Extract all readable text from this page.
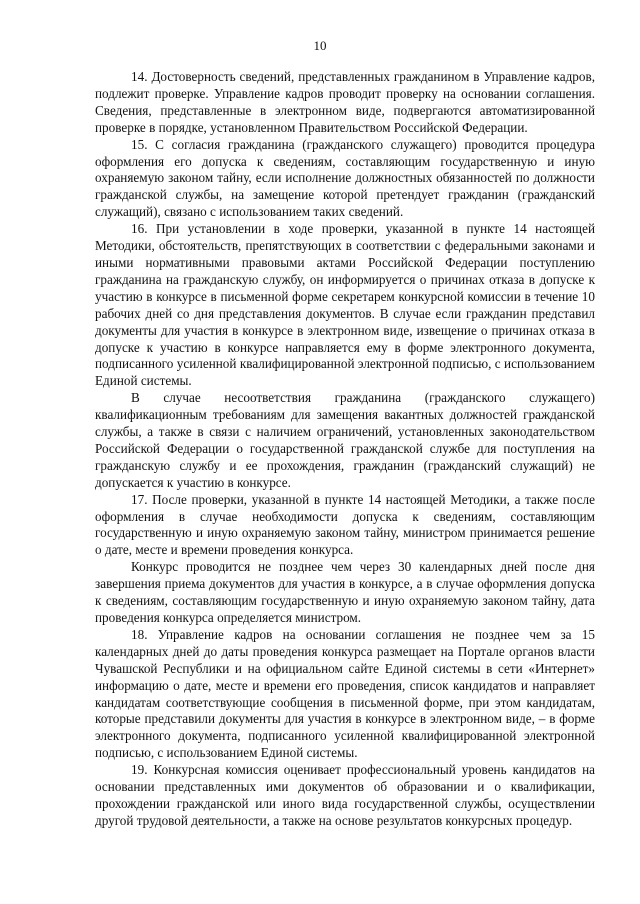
10

14. Достоверность сведений, представленных гражданином в Управление кадров, подлежит проверке. Управление кадров проводит проверку на основании соглашения. Сведения, представленные в электронном виде, подвергаются автоматизированной проверке в порядке, установленном Правительством Российской Федерации.

15. С согласия гражданина (гражданского служащего) проводится процедура оформления его допуска к сведениям, составляющим государственную и иную охраняемую законом тайну, если исполнение должностных обязанностей по должности гражданской службы, на замещение которой претендует гражданин (гражданский служащий), связано с использованием таких сведений.

16. При установлении в ходе проверки, указанной в пункте 14 настоящей Методики, обстоятельств, препятствующих в соответствии с федеральными законами и иными нормативными правовыми актами Российской Федерации поступлению гражданина на гражданскую службу, он информируется о причинах отказа в допуске к участию в конкурсе в письменной форме секретарем конкурсной комиссии в течение 10 рабочих дней со дня представления документов. В случае если гражданин представил документы для участия в конкурсе в электронном виде, извещение о причинах отказа в допуске к участию в конкурсе направляется ему в форме электронного документа, подписанного усиленной квалифицированной электронной подписью, с использованием Единой системы.

В случае несоответствия гражданина (гражданского служащего) квалификационным требованиям для замещения вакантных должностей гражданской службы, а также в связи с наличием ограничений, установленных законодательством Российской Федерации о государственной гражданской службе для поступления на гражданскую службу и ее прохождения, гражданин (гражданский служащий) не допускается к участию в конкурсе.

17. После проверки, указанной в пункте 14 настоящей Методики, а также после оформления в случае необходимости допуска к сведениям, составляющим государственную и иную охраняемую законом тайну, министром принимается решение о дате, месте и времени проведения конкурса.

Конкурс проводится не позднее чем через 30 календарных дней после дня завершения приема документов для участия в конкурсе, а в случае оформления допуска к сведениям, составляющим государственную и иную охраняемую законом тайну, дата проведения конкурса определяется министром.

18. Управление кадров на основании соглашения не позднее чем за 15 календарных дней до даты проведения конкурса размещает на Портале органов власти Чувашской Республики и на официальном сайте Единой системы в сети «Интернет» информацию о дате, месте и времени его проведения, список кандидатов и направляет кандидатам соответствующие сообщения в письменной форме, при этом кандидатам, которые представили документы для участия в конкурсе в электронном виде, – в форме электронного документа, подписанного усиленной квалифицированной электронной подписью, с использованием Единой системы.

19. Конкурсная комиссия оценивает профессиональный уровень кандидатов на основании представленных ими документов об образовании и о квалификации, прохождении гражданской или иного вида государственной службы, осуществлении другой трудовой деятельности, а также на основе результатов конкурсных процедур.
